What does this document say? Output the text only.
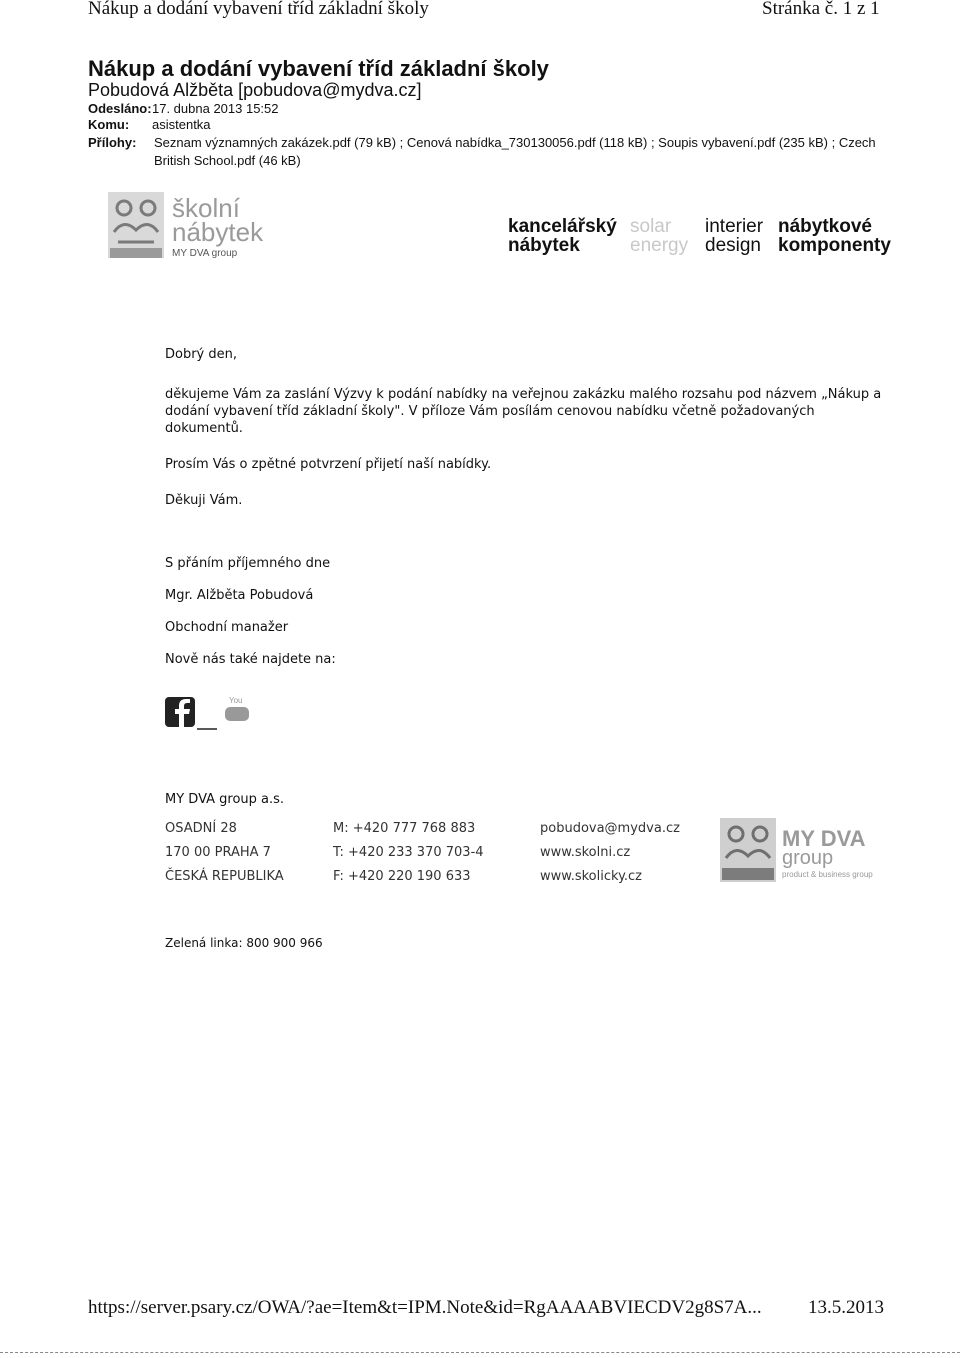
Nákup a dodání vybavení tříd základní školy	Stránka č. 1 z 1
Nákup a dodání vybavení tříd základní školy
Pobudová Alžběta [pobudova@mydva.cz]
Odesláno:17. dubna 2013 15:52
Komu: asistentka
Přílohy:	Seznam významných zakázek.pdf (79 kB) ; Cenová nabídka_730130056.pdf (118 kB) ; Soupis vybavení.pdf (235 kB) ; Czech British School.pdf (46 kB)
školní
nábytek
MY DVA group
kancelářský
nábytek
solar
energy
interier
design
nábytkové
komponenty

Dobrý den,

děkujeme Vám za zaslání Výzvy k podání nabídky na veřejnou zakázku malého rozsahu pod názvem „Nákup a dodání vybavení tříd základní školy". V příloze Vám posílám cenovou nabídku včetně požadovaných dokumentů.

Prosím Vás o zpětné potvrzení přijetí naší nabídky.

Děkuji Vám.

S přáním příjemného dne

Mgr. Alžběta Pobudová

Obchodní manažer

Nově nás také najdete na:

You
MY DVA group a.s.
OSADNÍ 28
170 00 PRAHA 7
ČESKÁ REPUBLIKA
M: +420 777 768 883
T: +420 233 370 703-4
F: +420 220 190 633
pobudova@mydva.cz
www.skolni.cz
www.skolicky.cz
MY DVA
group
product & business group
Zelená linka: 800 900 966
https://server.psary.cz/OWA/?ae=Item&t=IPM.Note&id=RgAAAABVIECDV2g8S7A... 13.5.2013
